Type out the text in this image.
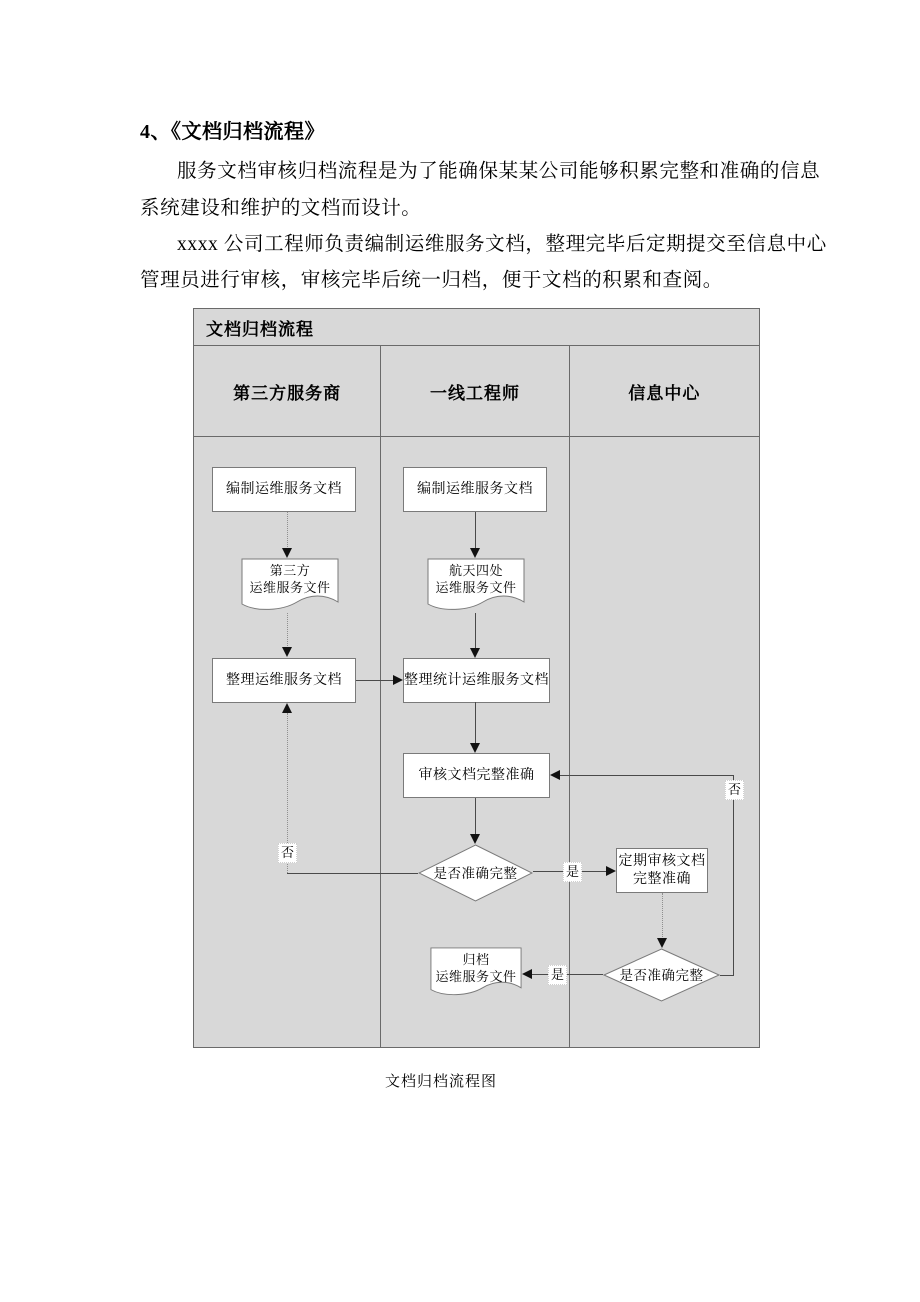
4、《文档归档流程》
服务文档审核归档流程是为了能确保某某公司能够积累完整和准确的信息
系统建设和维护的文档而设计。
xxxx 公司工程师负责编制运维服务文档，整理完毕后定期提交至信息中心
管理员进行审核，审核完毕后统一归档，便于文档的积累和查阅。
文档归档流程
第三方服务商	一线工程师	信息中心
编制运维服务文档	编制运维服务文档
整理运维服务文档	整理统计运维服务文档
审核文档完整准确
定期审核文档
完整准确
第三方
运维服务文件
航天四处
运维服务文件
归档
运维服务文件
是否准确完整
是否准确完整
否
是
是
否
文档归档流程图
